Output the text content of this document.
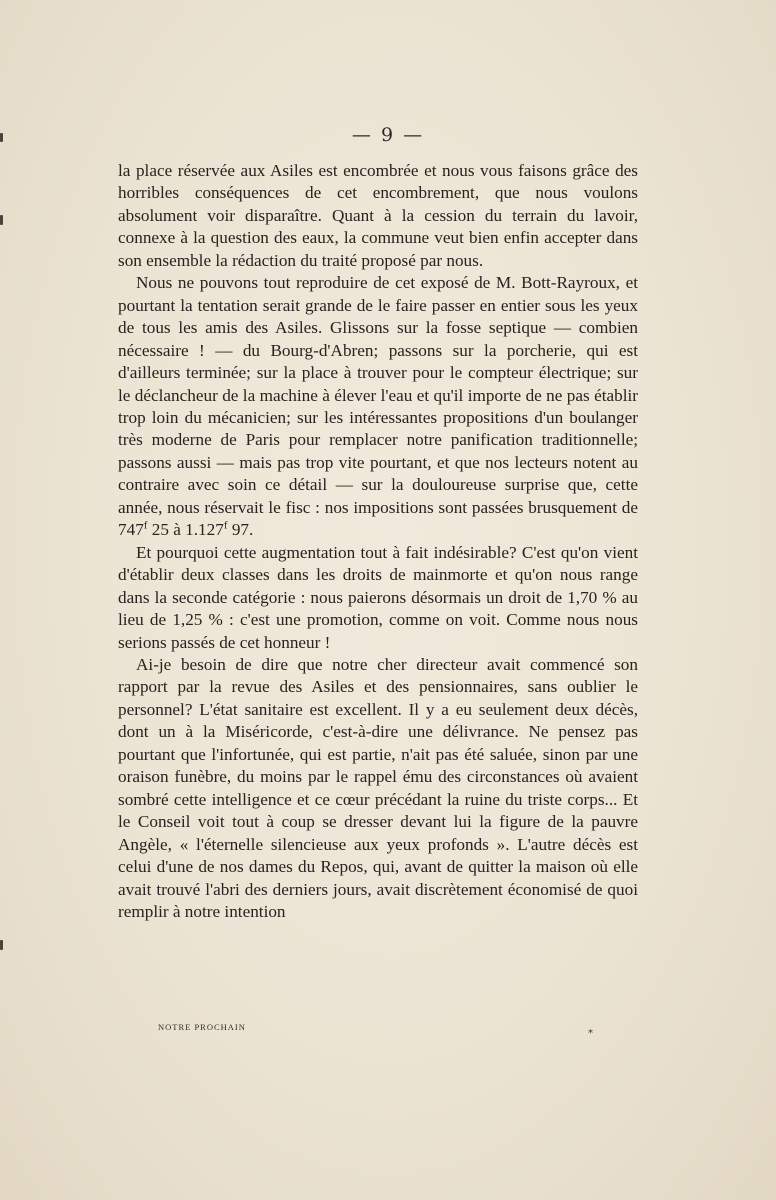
— 9 —

la place réservée aux Asiles est encombrée et nous vous faisons grâce des horribles conséquences de cet encombrement, que nous voulons absolument voir disparaître. Quant à la cession du terrain du lavoir, connexe à la question des eaux, la commune veut bien enfin accepter dans son ensemble la rédaction du traité proposé par nous.

Nous ne pouvons tout reproduire de cet exposé de M. Bott-Rayroux, et pourtant la tentation serait grande de le faire passer en entier sous les yeux de tous les amis des Asiles. Glissons sur la fosse septique — combien nécessaire ! — du Bourg-d'Abren; passons sur la porcherie, qui est d'ailleurs terminée; sur la place à trouver pour le compteur électrique; sur le déclancheur de la machine à élever l'eau et qu'il importe de ne pas établir trop loin du mécanicien; sur les intéressantes propositions d'un boulanger très moderne de Paris pour remplacer notre panification traditionnelle; passons aussi — mais pas trop vite pourtant, et que nos lecteurs notent au contraire avec soin ce détail — sur la douloureuse surprise que, cette année, nous réservait le fisc : nos impositions sont passées brusquement de 747$^f$ 25 à 1.127$^f$ 97.

Et pourquoi cette augmentation tout à fait indésirable? C'est qu'on vient d'établir deux classes dans les droits de mainmorte et qu'on nous range dans la seconde catégorie : nous paierons désormais un droit de 1,70 % au lieu de 1,25 % : c'est une promotion, comme on voit. Comme nous nous serions passés de cet honneur !

Ai-je besoin de dire que notre cher directeur avait commencé son rapport par la revue des Asiles et des pensionnaires, sans oublier le personnel? L'état sanitaire est excellent. Il y a eu seulement deux décès, dont un à la Miséricorde, c'est-à-dire une délivrance. Ne pensez pas pourtant que l'infortunée, qui est partie, n'ait pas été saluée, sinon par une oraison funèbre, du moins par le rappel ému des circonstances où avaient sombré cette intelligence et ce cœur précédant la ruine du triste corps... Et le Conseil voit tout à coup se dresser devant lui la figure de la pauvre Angèle, « l'éternelle silencieuse aux yeux profonds ». L'autre décès est celui d'une de nos dames du Repos, qui, avant de quitter la maison où elle avait trouvé l'abri des derniers jours, avait discrètement économisé de quoi remplir à notre intention

NOTRE PROCHAIN
*
